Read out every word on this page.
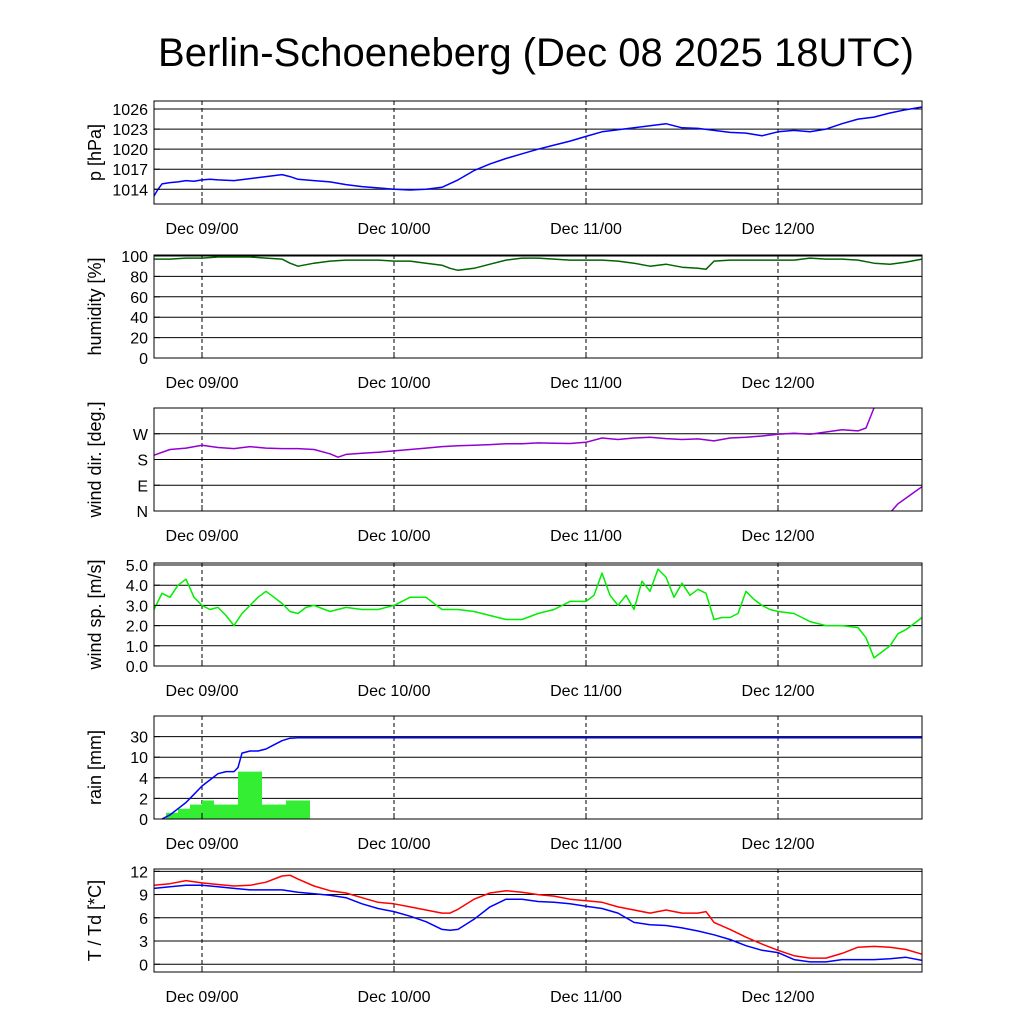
Berlin-Schoeneberg (Dec 08 2025 18UTC)
1014
1017
1020
1023
1026
Dec 09/00	Dec 10/00	Dec 11/00	Dec 12/00
p [hPa]
0
20
40
60
80
100
Dec 09/00	Dec 10/00	Dec 11/00	Dec 12/00
humidity [%]
N
E
S
W
Dec 09/00	Dec 10/00	Dec 11/00	Dec 12/00
wind dir. [deg.]
0.0
1.0
2.0
3.0
4.0
5.0
Dec 09/00	Dec 10/00	Dec 11/00	Dec 12/00
wind sp. [m/s]
0
2
4
10
30
Dec 09/00	Dec 10/00	Dec 11/00	Dec 12/00
rain [mm]
0
3
6
9
12
Dec 09/00	Dec 10/00	Dec 11/00	Dec 12/00
T / Td [*C]
